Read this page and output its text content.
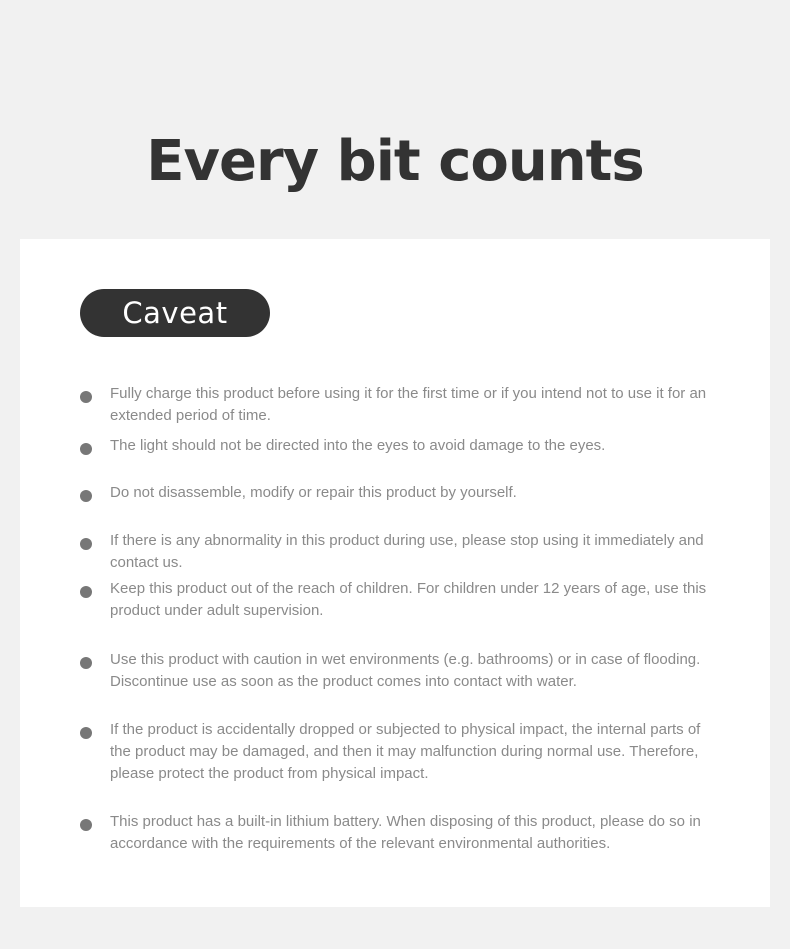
Every bit counts
Caveat
Fully charge this product before using it for the first time or if you intend not to use it for an extended period of time.
The light should not be directed into the eyes to avoid damage to the eyes.
Do not disassemble, modify or repair this product by yourself.
If there is any abnormality in this product during use, please stop using it immediately and contact us.
Keep this product out of the reach of children. For children under 12 years of age, use this product under adult supervision.
Use this product with caution in wet environments (e.g. bathrooms) or in case of flooding. Discontinue use as soon as the product comes into contact with water.
If the product is accidentally dropped or subjected to physical impact, the internal parts of the product may be damaged, and then it may malfunction during normal use. Therefore, please protect the product from physical impact.
This product has a built-in lithium battery. When disposing of this product, please do so in accordance with the requirements of the relevant environmental authorities.
